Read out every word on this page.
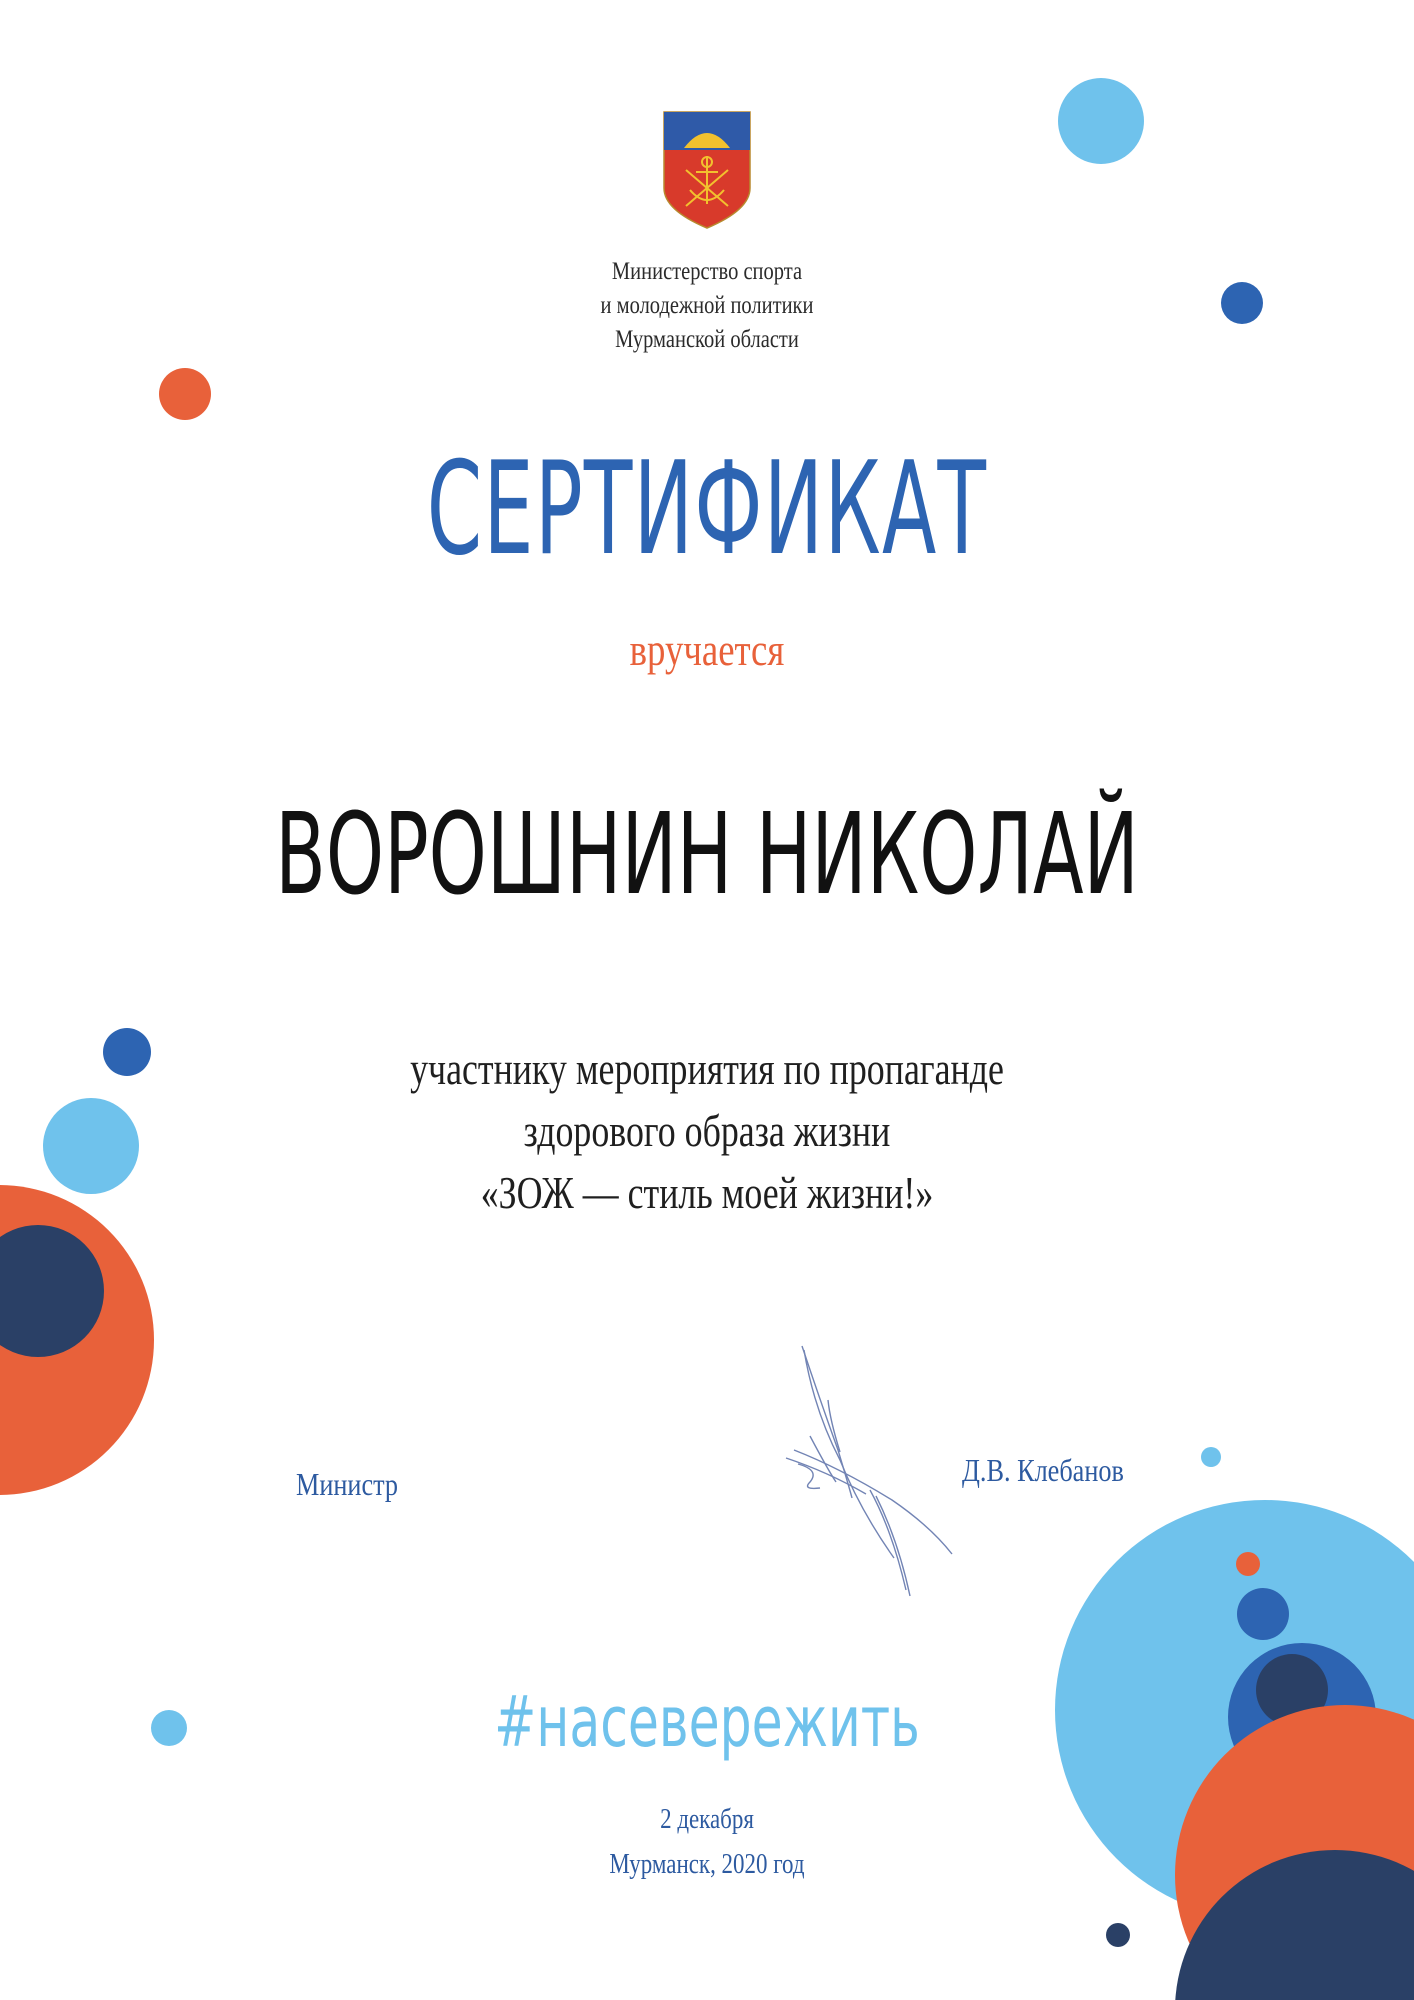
Министерство спорта
и молодежной политики
Мурманской области
СЕРТИФИКАТ
вручается
ВОРОШНИН НИКОЛАЙ
участнику мероприятия по пропаганде
здорового образа жизни
«ЗОЖ — стиль моей жизни!»
Министр	Д.В. Клебанов
#насевережить
2 декабря
Мурманск, 2020 год
